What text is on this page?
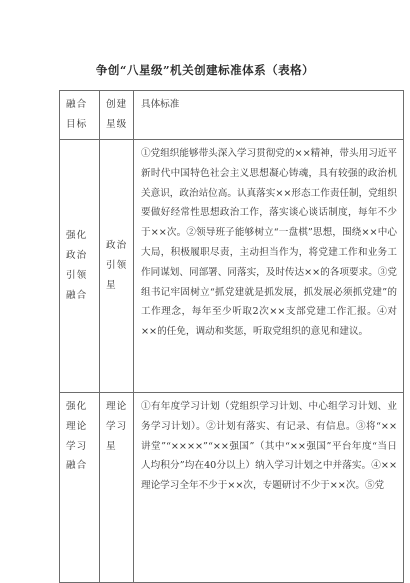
争创“八星级”机关创建标准体系（表格）
融合目标	创建星级	具体标准
强化政治引领融合	政治引领星	①党组织能够带头深入学习贯彻党的××精神，带头用习近平新时代中国特色社会主义思想凝心铸魂，具有较强的政治机关意识，政治站位高。认真落实××形态工作责任制，党组织要做好经常性思想政治工作，落实谈心谈话制度，每年不少于××次。②领导班子能够树立“一盘棋”思想，围绕××中心大局，积极履职尽责，主动担当作为，将党建工作和业务工作同谋划、同部署、同落实，及时传达××的各项要求。③党组书记牢固树立“抓党建就是抓发展，抓发展必须抓党建”的工作理念，每年至少听取2次××支部党建工作汇报。④对××的任免，调动和奖惩，听取党组织的意见和建议。

强化理论学习融合	理论学习星	①有年度学习计划（党组织学习计划、中心组学习计划、业务学习计划）。②计划有落实、有记录、有信息。③将“××讲堂”“××××”“××强国”（其中“××强国”平台年度“当日人均积分”均在40分以上）纳入学习计划之中并落实。④××理论学习全年不少于××次，专题研讨不少于××次。⑤党
